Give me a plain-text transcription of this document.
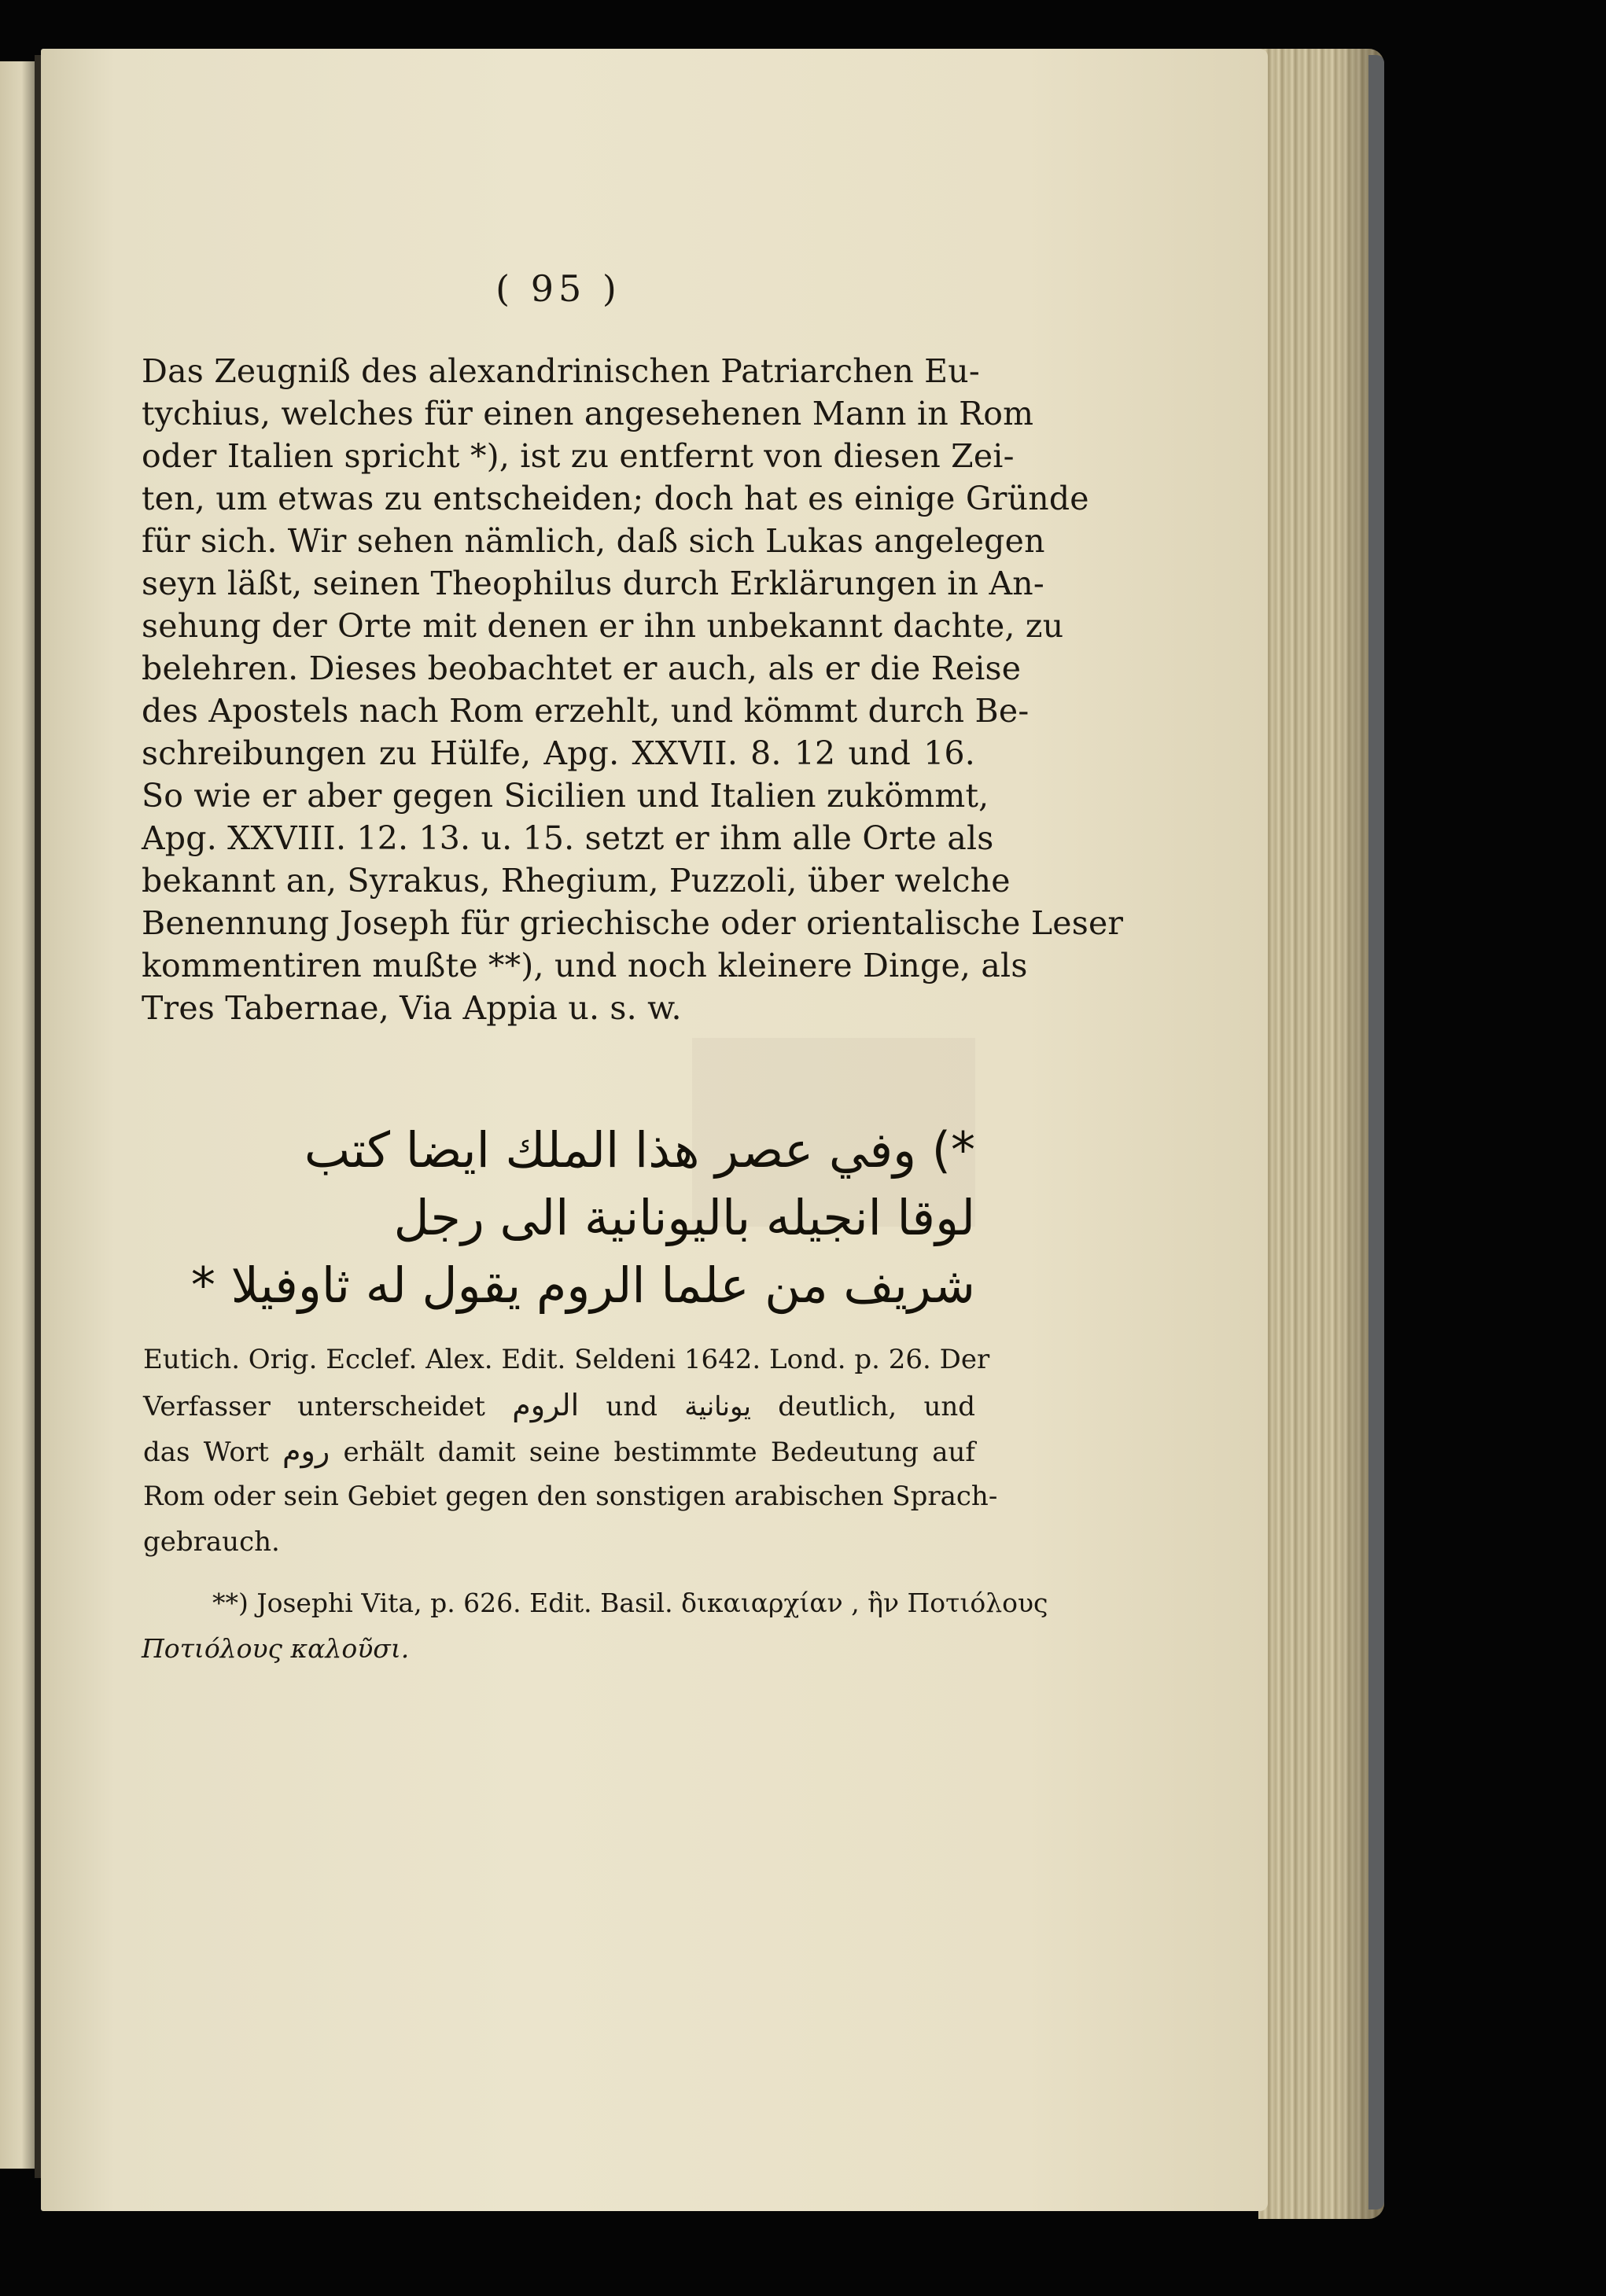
( 95 )
Das Zeugniß des alexandrinischen Patriarchen Eu-
tychius, welches für einen angesehenen Mann in Rom
oder Italien spricht *), ist zu entfernt von diesen Zei-
ten, um etwas zu entscheiden; doch hat es einige Gründe
für sich. Wir sehen nämlich, daß sich Lukas angelegen
seyn läßt, seinen Theophilus durch Erklärungen in An-
sehung der Orte mit denen er ihn unbekannt dachte, zu
belehren. Dieses beobachtet er auch, als er die Reise
des Apostels nach Rom erzehlt, und kömmt durch Be-
schreibungen zu Hülfe, Apg. XXVII. 8. 12 und 16.
So wie er aber gegen Sicilien und Italien zukömmt,
Apg. XXVIII. 12. 13. u. 15. setzt er ihm alle Orte als
bekannt an, Syrakus, Rhegium, Puzzoli, über welche
Benennung Joseph für griechische oder orientalische Leser
kommentiren mußte **), und noch kleinere Dinge, als
Tres Tabernae, Via Appia u. s. w.
*) وفي عصر هذا الملك ايضا كتب
لوقا انجيله باليونانية الى رجل
شريف من علما الروم يقول له ثاوفيلا *
Eutich. Orig. Ecclef. Alex. Edit. Seldeni 1642. Lond. p. 26. Der
Verfasser unterscheidet الروم und يونانية deutlich, und
das Wort روم erhält damit seine bestimmte Bedeutung auf
Rom oder sein Gebiet gegen den sonstigen arabischen Sprach-
gebrauch.
**) Josephi Vita, p. 626. Edit. Basil. δικαιαρχίαν , ἣν Ποτιόλους
Ποτιόλους καλοῦσι.
